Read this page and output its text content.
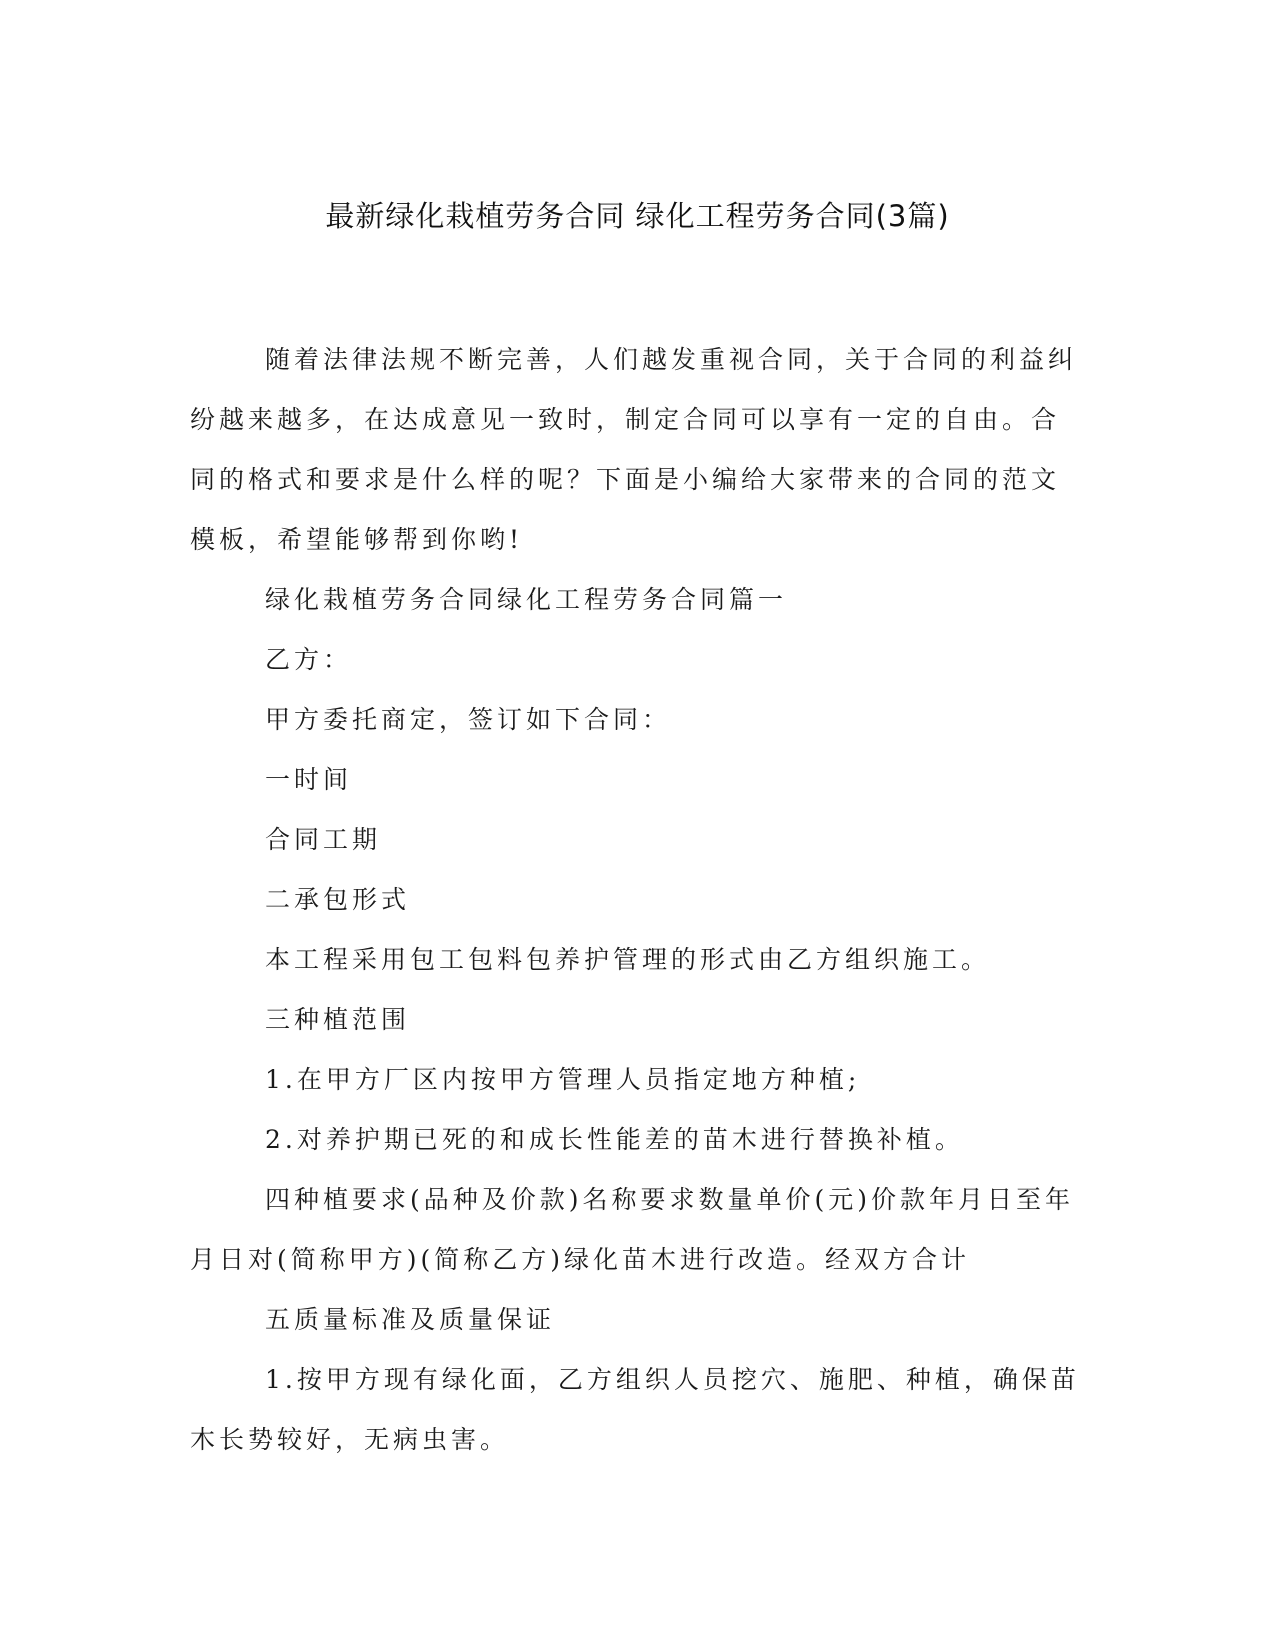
最新绿化栽植劳务合同 绿化工程劳务合同(3篇)

随着法律法规不断完善，人们越发重视合同，关于合同的利益纠纷越来越多，在达成意见一致时，制定合同可以享有一定的自由。合同的格式和要求是什么样的呢？下面是小编给大家带来的合同的范文模板，希望能够帮到你哟!

绿化栽植劳务合同绿化工程劳务合同篇一

乙方：

甲方委托商定，签订如下合同：

一时间

合同工期

二承包形式

本工程采用包工包料包养护管理的形式由乙方组织施工。

三种植范围

1.在甲方厂区内按甲方管理人员指定地方种植;

2.对养护期已死的和成长性能差的苗木进行替换补植。

四种植要求(品种及价款)名称要求数量单价(元)价款年月日至年月日对(简称甲方)(简称乙方)绿化苗木进行改造。经双方合计

五质量标准及质量保证

1.按甲方现有绿化面，乙方组织人员挖穴、施肥、种植，确保苗木长势较好，无病虫害。
